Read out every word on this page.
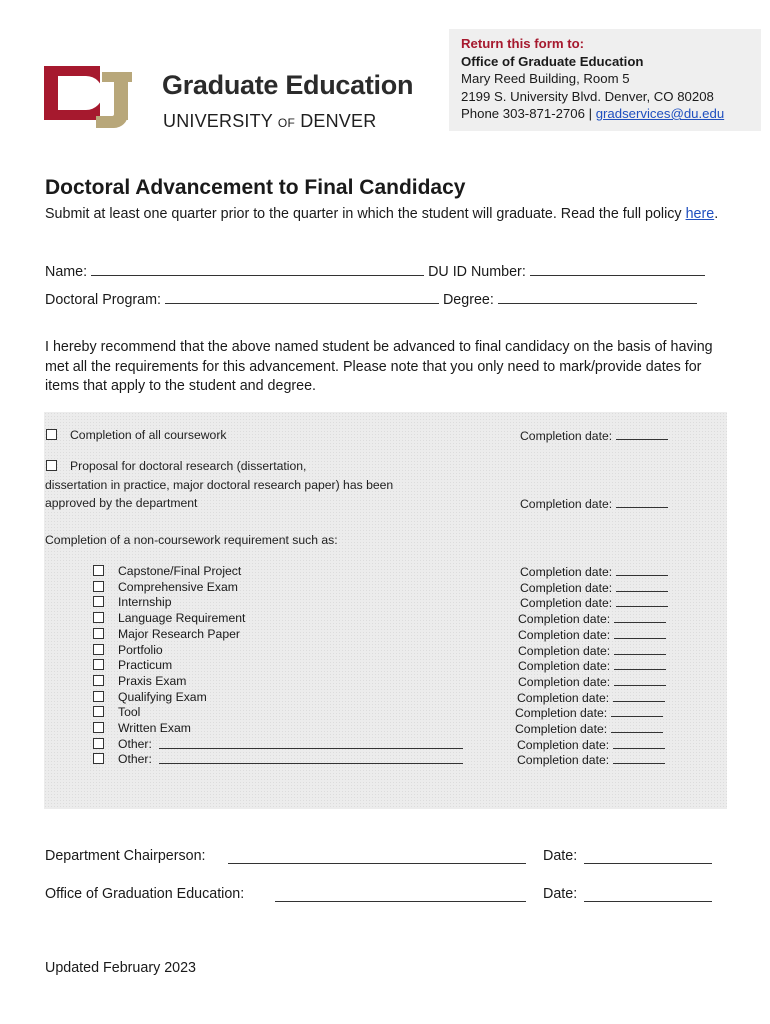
Graduate Education
UNIVERSITY OF DENVER
Return this form to:
Office of Graduate Education
Mary Reed Building, Room 5
2199 S. University Blvd. Denver, CO 80208
Phone 303-871-2706 | gradservices@du.edu
Doctoral Advancement to Final Candidacy
Submit at least one quarter prior to the quarter in which the student will graduate. Read the full policy here.
Name:	DU ID Number:
Doctoral Program:	Degree:
I hereby recommend that the above named student be advanced to final candidacy on the basis of having met all the requirements for this advancement. Please note that you only need to mark/provide dates for items that apply to the student and degree.
Completion of all coursework	Completion date:
Proposal for doctoral research (dissertation,
dissertation in practice, major doctoral research paper) has been
approved by the department	Completion date:
Completion of a non-coursework requirement such as:
Capstone/Final Project	Completion date:
Comprehensive Exam	Completion date:
Internship	Completion date:
Language Requirement	Completion date:
Major Research Paper	Completion date:
Portfolio	Completion date:
Practicum	Completion date:
Praxis Exam	Completion date:
Qualifying Exam	Completion date:
Tool	Completion date:
Written Exam	Completion date:
Other:	Completion date:
Other:	Completion date:
Department Chairperson:	Date:
Office of Graduation Education:	Date:
Updated February 2023
